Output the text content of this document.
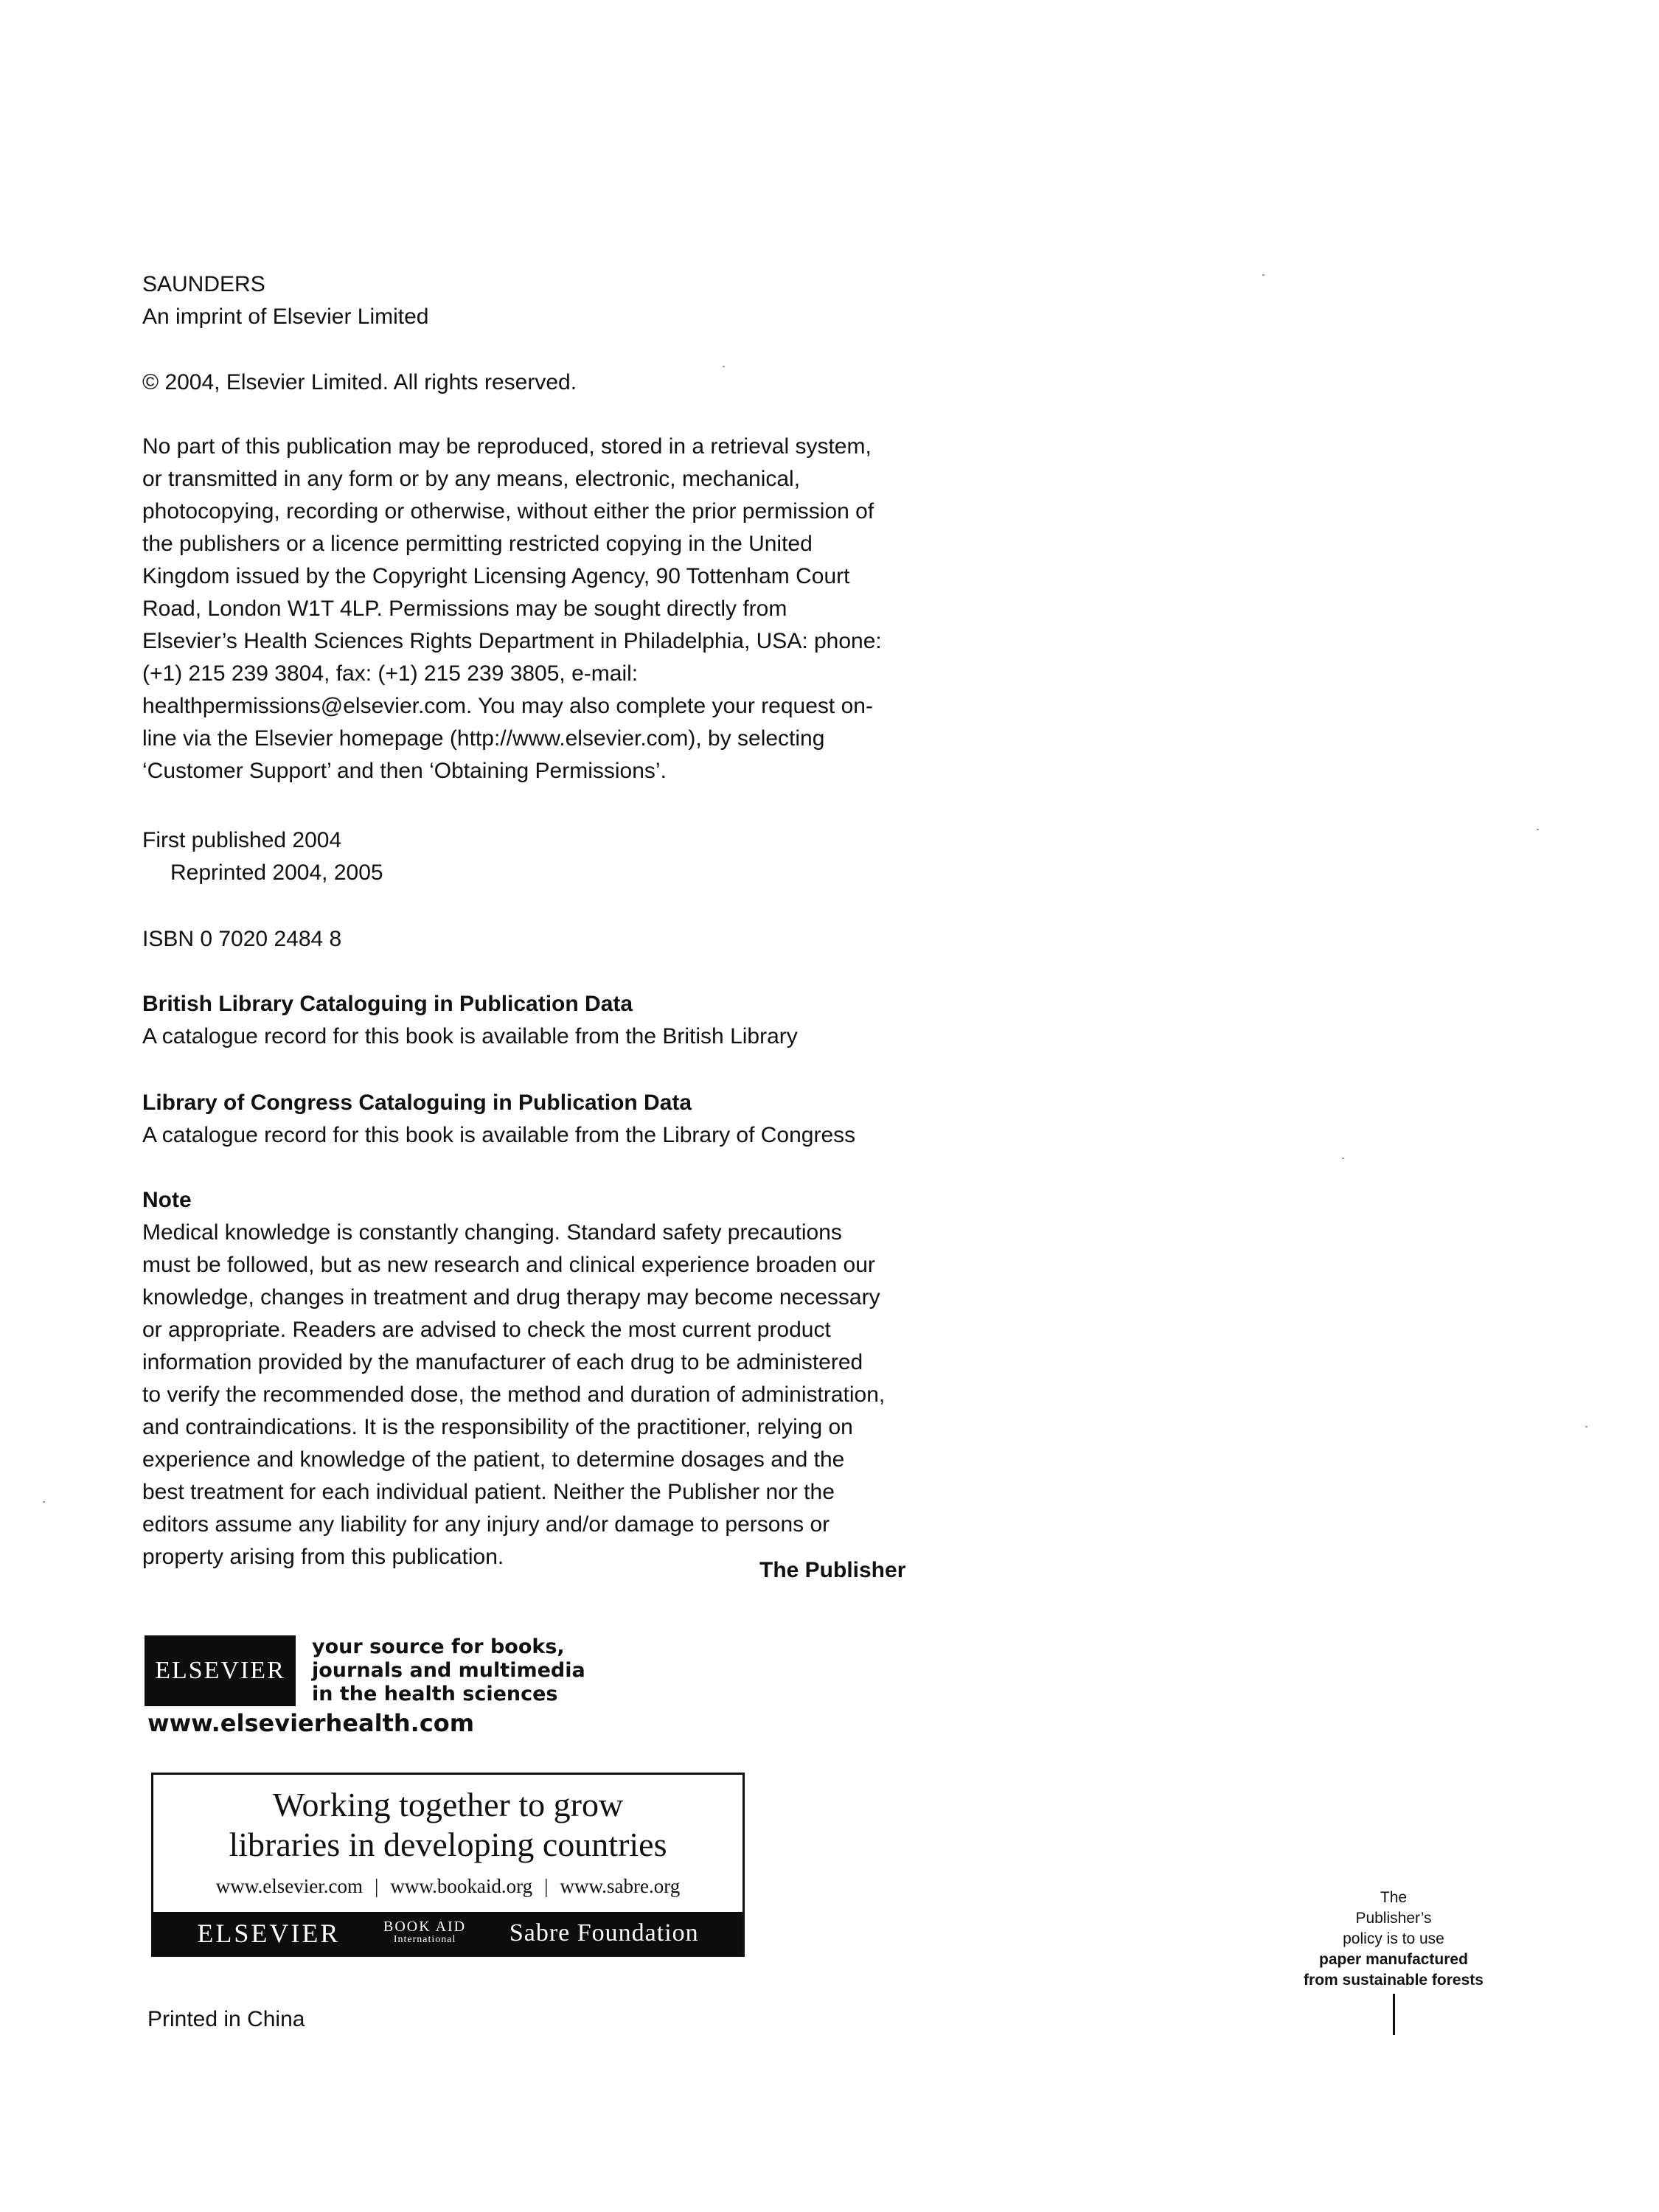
SAUNDERS
An imprint of Elsevier Limited
© 2004, Elsevier Limited. All rights reserved.
No part of this publication may be reproduced, stored in a retrieval system,
or transmitted in any form or by any means, electronic, mechanical,
photocopying, recording or otherwise, without either the prior permission of
the publishers or a licence permitting restricted copying in the United
Kingdom issued by the Copyright Licensing Agency, 90 Tottenham Court
Road, London W1T 4LP. Permissions may be sought directly from
Elsevier’s Health Sciences Rights Department in Philadelphia, USA: phone:
(+1) 215 239 3804, fax: (+1) 215 239 3805, e-mail:
healthpermissions@elsevier.com. You may also complete your request on-
line via the Elsevier homepage (http://www.elsevier.com), by selecting
‘Customer Support’ and then ‘Obtaining Permissions’.
First published 2004
Reprinted 2004, 2005
ISBN 0 7020 2484 8
British Library Cataloguing in Publication Data
A catalogue record for this book is available from the British Library
Library of Congress Cataloguing in Publication Data
A catalogue record for this book is available from the Library of Congress
Note
Medical knowledge is constantly changing. Standard safety precautions
must be followed, but as new research and clinical experience broaden our
knowledge, changes in treatment and drug therapy may become necessary
or appropriate. Readers are advised to check the most current product
information provided by the manufacturer of each drug to be administered
to verify the recommended dose, the method and duration of administration,
and contraindications. It is the responsibility of the practitioner, relying on
experience and knowledge of the patient, to determine dosages and the
best treatment for each individual patient. Neither the Publisher nor the
editors assume any liability for any injury and/or damage to persons or
property arising from this publication.
The Publisher
ELSEVIER
your source for books,
journals and multimedia
in the health sciences
www.elsevierhealth.com
Working together to grow
libraries in developing countries
www.elsevier.com | www.bookaid.org | www.sabre.org
ELSEVIER	BOOK AID
International	Sabre Foundation
Printed in China
The
Publisher’s
policy is to use
paper manufactured
from sustainable forests
